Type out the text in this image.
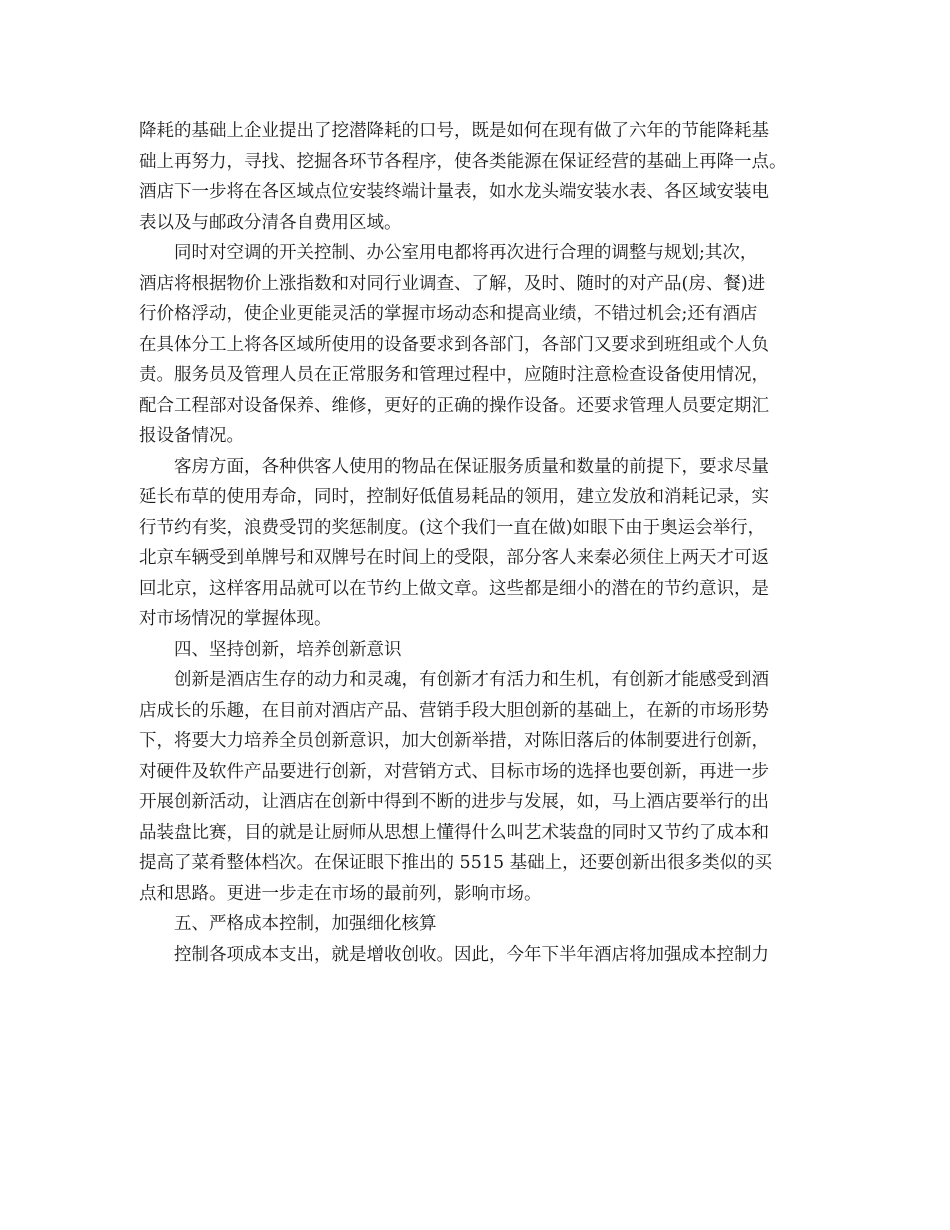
降耗的基础上企业提出了挖潜降耗的口号，既是如何在现有做了六年的节能降耗基
础上再努力，寻找、挖掘各环节各程序，使各类能源在保证经营的基础上再降一点。
酒店下一步将在各区域点位安装终端计量表，如水龙头端安装水表、各区域安装电
表以及与邮政分清各自费用区域。
同时对空调的开关控制、办公室用电都将再次进行合理的调整与规划;其次，
酒店将根据物价上涨指数和对同行业调查、了解，及时、随时的对产品(房、餐)进
行价格浮动，使企业更能灵活的掌握市场动态和提高业绩，不错过机会;还有酒店
在具体分工上将各区域所使用的设备要求到各部门，各部门又要求到班组或个人负
责。服务员及管理人员在正常服务和管理过程中，应随时注意检查设备使用情况，
配合工程部对设备保养、维修，更好的正确的操作设备。还要求管理人员要定期汇
报设备情况。
客房方面，各种供客人使用的物品在保证服务质量和数量的前提下，要求尽量
延长布草的使用寿命，同时，控制好低值易耗品的领用，建立发放和消耗记录，实
行节约有奖，浪费受罚的奖惩制度。(这个我们一直在做)如眼下由于奥运会举行，
北京车辆受到单牌号和双牌号在时间上的受限，部分客人来秦必须住上两天才可返
回北京，这样客用品就可以在节约上做文章。这些都是细小的潜在的节约意识，是
对市场情况的掌握体现。
四、坚持创新，培养创新意识
创新是酒店生存的动力和灵魂，有创新才有活力和生机，有创新才能感受到酒
店成长的乐趣，在目前对酒店产品、营销手段大胆创新的基础上，在新的市场形势
下，将要大力培养全员创新意识，加大创新举措，对陈旧落后的体制要进行创新，
对硬件及软件产品要进行创新，对营销方式、目标市场的选择也要创新，再进一步
开展创新活动，让酒店在创新中得到不断的进步与发展，如，马上酒店要举行的出
品装盘比赛，目的就是让厨师从思想上懂得什么叫艺术装盘的同时又节约了成本和
提高了菜肴整体档次。在保证眼下推出的 5515 基础上，还要创新出很多类似的买
点和思路。更进一步走在市场的最前列，影响市场。
五、严格成本控制，加强细化核算
控制各项成本支出，就是增收创收。因此，今年下半年酒店将加强成本控制力
